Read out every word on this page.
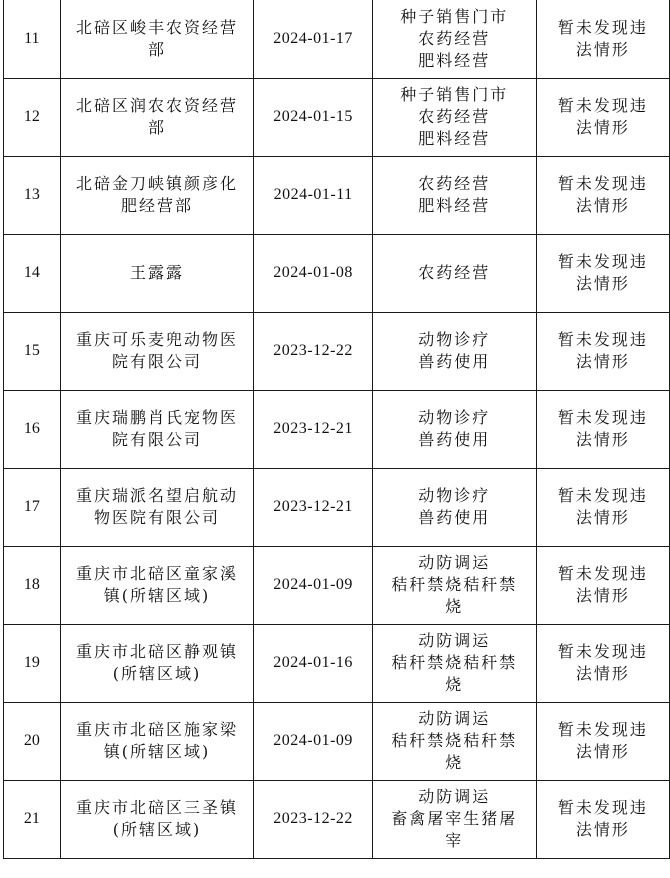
11	北碚区峻丰农资经营
部	2024-01-17	种子销售门市
农药经营
肥料经营	暂未发现违
法情形

12	北碚区润农农资经营
部	2024-01-15	种子销售门市
农药经营
肥料经营	暂未发现违
法情形

13	北碚金刀峡镇颜彦化
肥经营部	2024-01-11	农药经营
肥料经营	暂未发现违
法情形

14	王露露	2024-01-08	农药经营	暂未发现违
法情形

15	重庆可乐麦兜动物医
院有限公司	2023-12-22	动物诊疗
兽药使用	暂未发现违
法情形

16	重庆瑞鹏肖氏宠物医
院有限公司	2023-12-21	动物诊疗
兽药使用	暂未发现违
法情形

17	重庆瑞派名望启航动
物医院有限公司	2023-12-21	动物诊疗
兽药使用	暂未发现违
法情形

18	重庆市北碚区童家溪
镇(所辖区域)	2024-01-09	动防调运
秸秆禁烧秸秆禁
烧	暂未发现违
法情形

19	重庆市北碚区静观镇
(所辖区域)	2024-01-16	动防调运
秸秆禁烧秸秆禁
烧	暂未发现违
法情形

20	重庆市北碚区施家梁
镇(所辖区域)	2024-01-09	动防调运
秸秆禁烧秸秆禁
烧	暂未发现违
法情形

21	重庆市北碚区三圣镇
(所辖区域)	2023-12-22	动防调运
畜禽屠宰生猪屠
宰	暂未发现违
法情形
